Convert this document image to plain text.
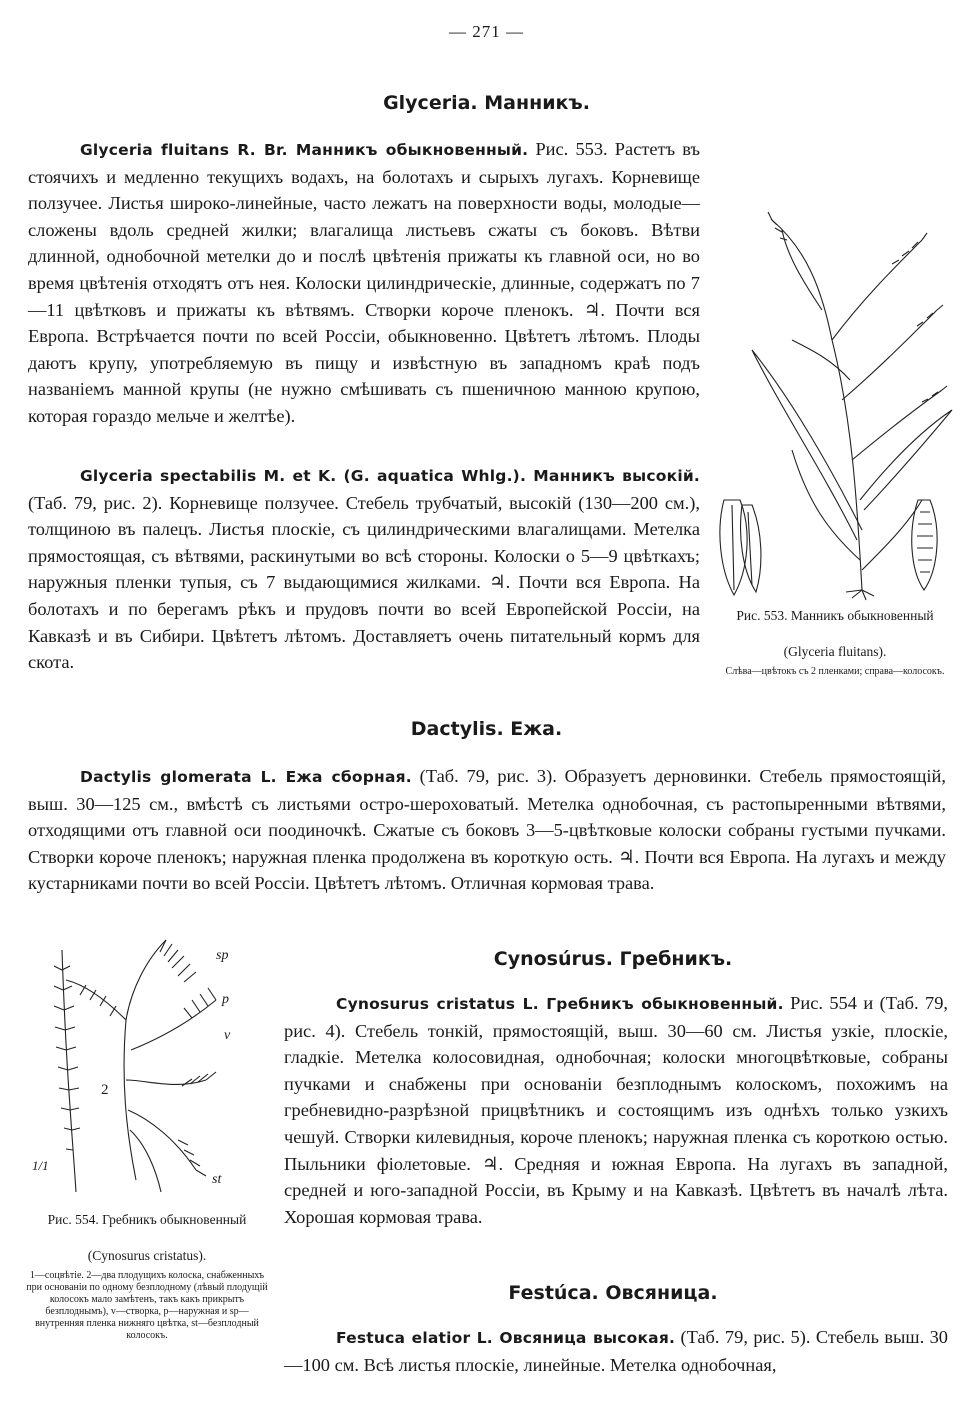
— 271 —
Glyceria. Манникъ.
Glyceria fluitans R. Br. Манникъ обыкновенный. Рис. 553. Растетъ въ стоячихъ и медленно текущихъ водахъ, на болотахъ и сырыхъ лугахъ. Корневище ползучее. Листья широко-линейные, часто лежатъ на поверхности воды, молодые—сложены вдоль средней жилки; влагалища листьевъ сжаты съ боковъ. Вѣтви длинной, однобочной метелки до и послѣ цвѣтенія прижаты къ главной оси, но во время цвѣтенія отходятъ отъ нея. Колоски цилиндрическіе, длинные, содержатъ по 7—11 цвѣтковъ и прижаты къ вѣтвямъ. Створки короче пленокъ. ♃. Почти вся Европа. Встрѣчается почти по всей Россіи, обыкновенно. Цвѣтетъ лѣтомъ. Плоды даютъ крупу, употребляемую въ пищу и извѣстную въ западномъ краѣ подъ названіемъ манной крупы (не нужно смѣшивать съ пшеничною манною крупою, которая гораздо мельче и желтѣе).
Glyceria spectabilis M. et K. (G. aquatica Whlg.). Манникъ высокій. (Таб. 79, рис. 2). Корневище ползучее. Стебель трубчатый, высокій (130—200 см.), толщиною въ палецъ. Листья плоскіе, съ цилиндрическими влагалищами. Метелка прямостоящая, съ вѣтвями, раскинутыми во всѣ стороны. Колоски о 5—9 цвѣткахъ; наружныя пленки тупыя, съ 7 выдающимися жилками. ♃. Почти вся Европа. На болотахъ и по берегамъ рѣкъ и прудовъ почти во всей Европейской Россіи, на Кавказѣ и въ Сибири. Цвѣтетъ лѣтомъ. Доставляетъ очень питательный кормъ для скота.
Рис. 553. Манникъ обыкновенный
(Glyceria fluitans).
Слѣва—цвѣтокъ съ 2 пленками; справа—колосокъ.
Dactylis. Ежа.
Dactylis glomerata L. Ежа сборная. (Таб. 79, рис. 3). Образуетъ дерновинки. Стебель прямостоящій, выш. 30—125 см., вмѣстѣ съ листьями остро-шероховатый. Метелка однобочная, съ растопыренными вѣтвями, отходящими отъ главной оси поодиночкѣ. Сжатые съ боковъ 3—5-цвѣтковые колоски собраны густыми пучками. Створки короче пленокъ; наружная пленка продолжена въ короткую ость. ♃. Почти вся Европа. На лугахъ и между кустарниками почти во всей Россіи. Цвѣтетъ лѣтомъ. Отличная кормовая трава.
sp
p
v
2
1/1
st
Рис. 554. Гребникъ обыкновенный
(Cynosurus cristatus).
1—соцвѣтіе. 2—два плодущихъ колоска, снабженныхъ при основаніи по одному безплодному (лѣвый плодущій колосокъ мало замѣтенъ, такъ какъ прикрытъ безплоднымъ), v—створка, p—наружная и sp—внутренняя пленка нижняго цвѣтка, st—безплодный колосокъ.
Cynosúrus. Гребникъ.
Cynosurus cristatus L. Гребникъ обыкновенный. Рис. 554 и (Таб. 79, рис. 4). Стебель тонкій, прямостоящій, выш. 30—60 см. Листья узкіе, плоскіе, гладкіе. Метелка колосовидная, однобочная; колоски многоцвѣтковые, собраны пучками и снабжены при основаніи безплоднымъ колоскомъ, похожимъ на гребневидно-разрѣзной прицвѣтникъ и состоящимъ изъ однѣхъ только узкихъ чешуй. Створки килевидныя, короче пленокъ; наружная пленка съ короткою остью. Пыльники фіолетовые. ♃. Средняя и южная Европа. На лугахъ въ западной, средней и юго-западной Россіи, въ Крыму и на Кавказѣ. Цвѣтетъ въ началѣ лѣта. Хорошая кормовая трава.
Festúca. Овсяница.
Festuca elatior L. Овсяница высокая. (Таб. 79, рис. 5). Стебель выш. 30—100 см. Всѣ листья плоскіе, линейные. Метелка однобочная,
